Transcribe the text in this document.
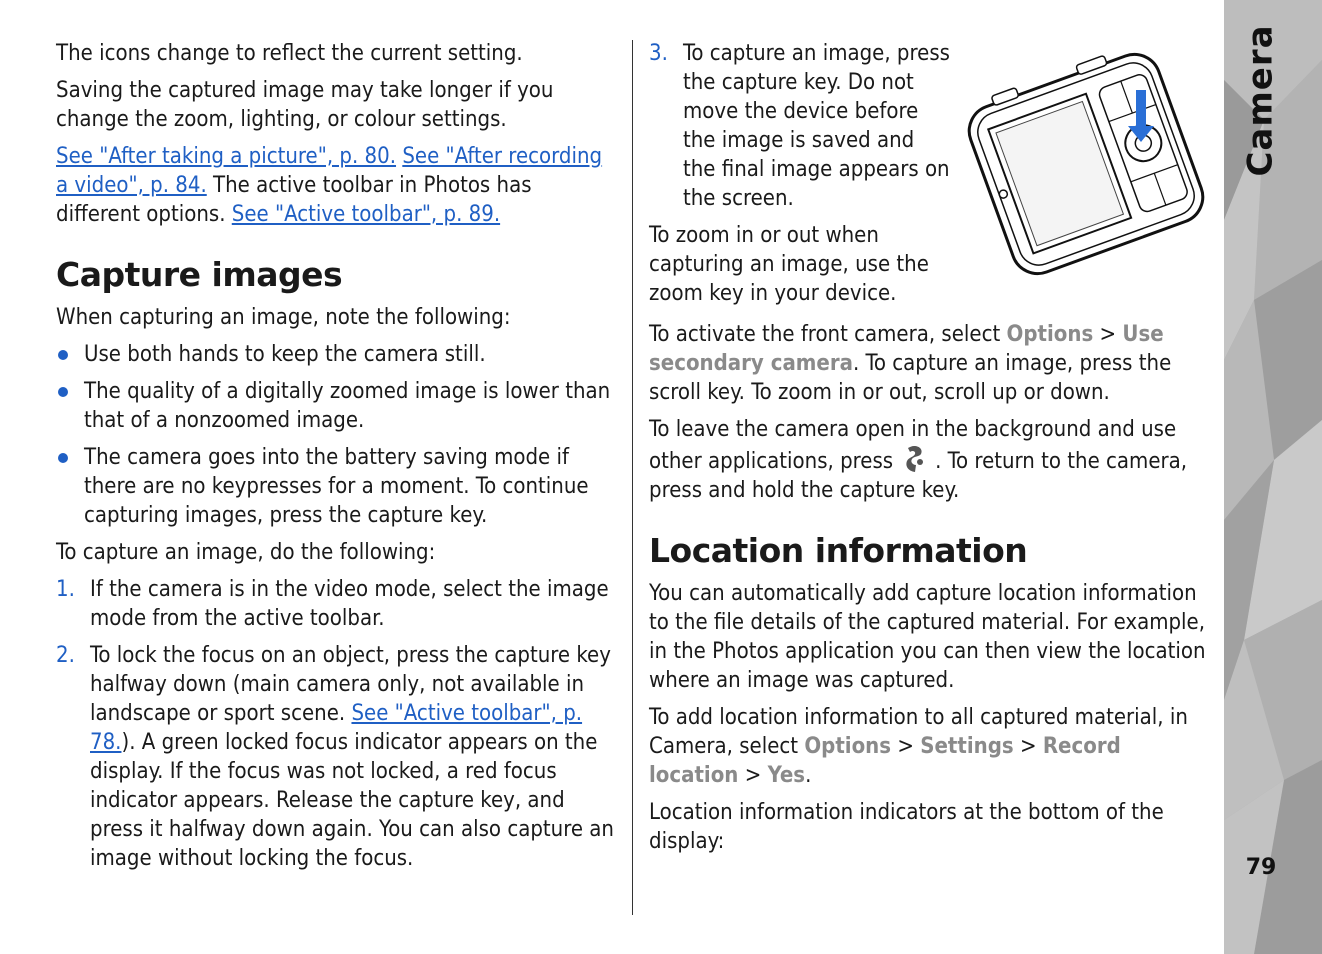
Camera
79

The icons change to reflect the current setting.

Saving the captured image may take longer if you change the zoom, lighting, or colour settings.

See "After taking a picture", p. 80. See "After recording a video", p. 84. The active toolbar in Photos has different options. See "Active toolbar", p. 89.

Capture images

When capturing an image, note the following:

Use both hands to keep the camera still.
The quality of a digitally zoomed image is lower than that of a nonzoomed image.
The camera goes into the battery saving mode if there are no keypresses for a moment. To continue capturing images, press the capture key.

To capture an image, do the following:

1. If the camera is in the video mode, select the image mode from the active toolbar.
2. To lock the focus on an object, press the capture key halfway down (main camera only, not available in landscape or sport scene. See "Active toolbar", p. 78.). A green locked focus indicator appears on the display. If the focus was not locked, a red focus indicator appears. Release the capture key, and press it halfway down again. You can also capture an image without locking the focus.
3. To capture an image, press the capture key. Do not move the device before the image is saved and the final image appears on the screen.

To zoom in or out when capturing an image, use the zoom key in your device.

To activate the front camera, select Options > Use secondary camera. To capture an image, press the scroll key. To zoom in or out, scroll up or down.

To leave the camera open in the background and use other applications, press . To return to the camera, press and hold the capture key.

Location information

You can automatically add capture location information to the file details of the captured material. For example, in the Photos application you can then view the location where an image was captured.

To add location information to all captured material, in Camera, select Options > Settings > Record location > Yes.

Location information indicators at the bottom of the display:
